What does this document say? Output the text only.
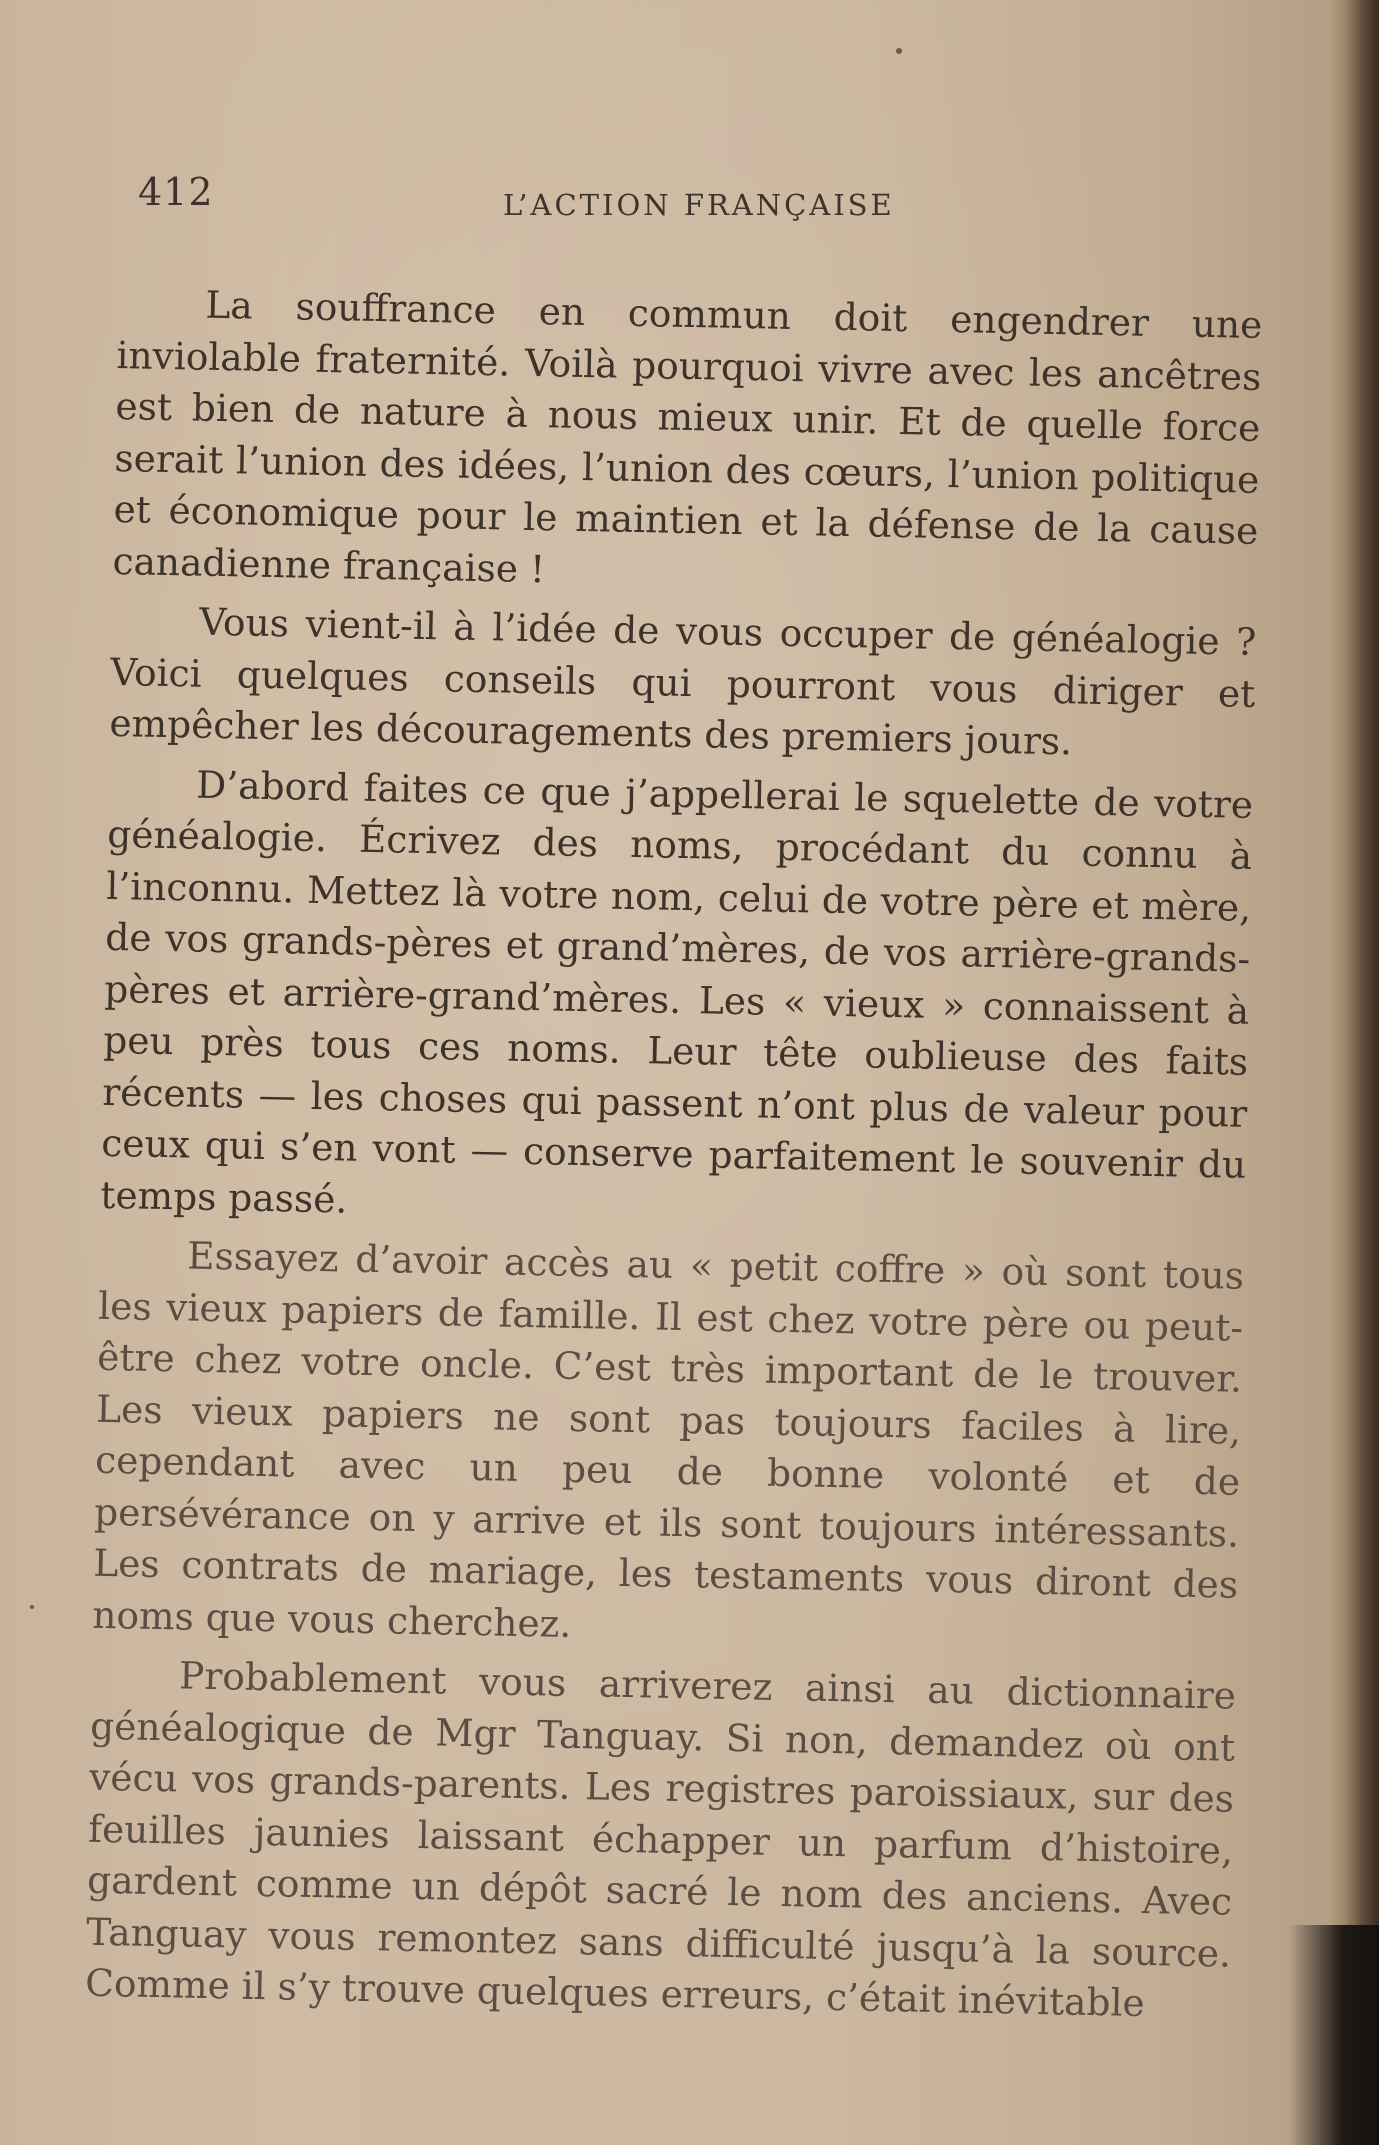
412	L’ACTION FRANÇAISE

La souffrance en commun doit engendrer une inviolable fraternité. Voilà pourquoi vivre avec les ancêtres est bien de nature à nous mieux unir. Et de quelle force serait l’union des idées, l’union des cœurs, l’union politique et économique pour le maintien et la défense de la cause canadienne française !

Vous vient-il à l’idée de vous occuper de généalogie ? Voici quelques conseils qui pourront vous diriger et empêcher les découragements des premiers jours.

D’abord faites ce que j’appellerai le squelette de votre généalogie. Écrivez des noms, procédant du connu à l’inconnu. Mettez là votre nom, celui de votre père et mère, de vos grands-pères et grand’mères, de vos arrière-grands-pères et arrière-grand’mères. Les « vieux » connaissent à peu près tous ces noms. Leur tête oublieuse des faits récents — les choses qui passent n’ont plus de valeur pour ceux qui s’en vont — conserve parfaitement le souvenir du temps passé.

Essayez d’avoir accès au « petit coffre » où sont tous les vieux papiers de famille. Il est chez votre père ou peut-être chez votre oncle. C’est très important de le trouver. Les vieux papiers ne sont pas toujours faciles à lire, cependant avec un peu de bonne volonté et de persévérance on y arrive et ils sont toujours intéressants. Les contrats de mariage, les testaments vous diront des noms que vous cherchez.

Probablement vous arriverez ainsi au dictionnaire généalogique de Mgr Tanguay. Si non, demandez où ont vécu vos grands-parents. Les registres paroissiaux, sur des feuilles jaunies laissant échapper un parfum d’histoire, gardent comme un dépôt sacré le nom des anciens. Avec Tanguay vous remontez sans difficulté jusqu’à la source. Comme il s’y trouve quelques erreurs, c’était inévitable
